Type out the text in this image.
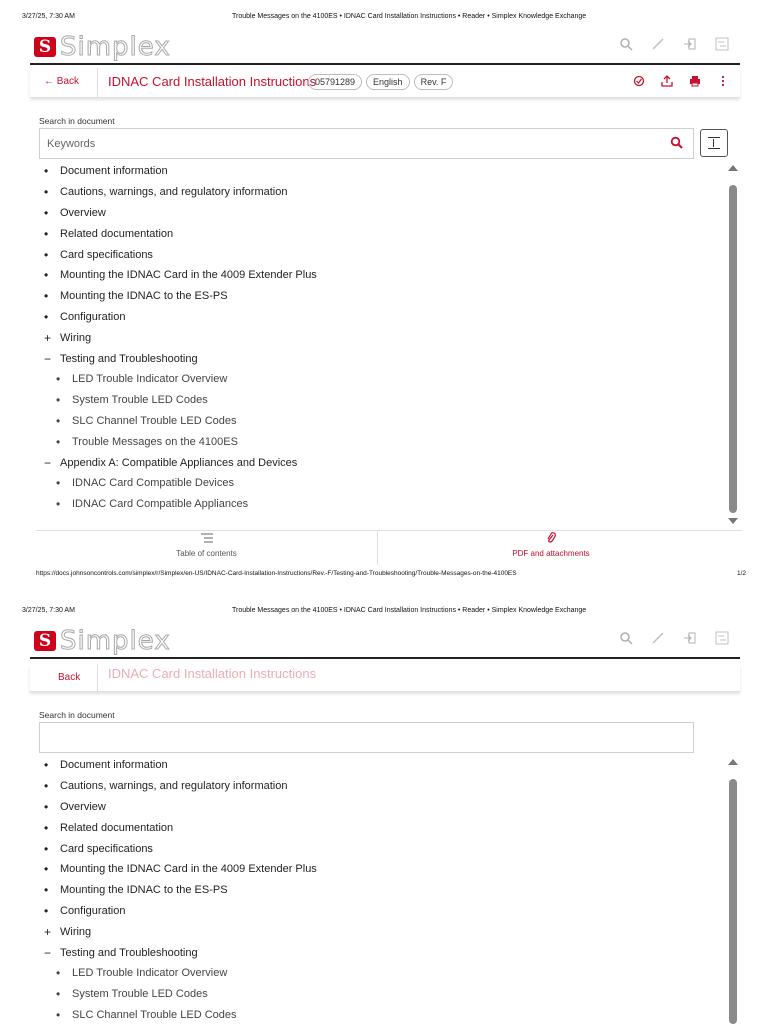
3/27/25, 7:30 AM	Trouble Messages on the 4100ES • IDNAC Card Installation Instructions • Reader • Simplex Knowledge Exchange
S Simplex
← Back IDNAC Card Installation Instructions
05791289	English	Rev. F
Search in document
Keywords
•	Document information
•	Cautions, warnings, and regulatory information
•	Overview
•	Related documentation
•	Card specifications
•	Mounting the IDNAC Card in the 4009 Extender Plus
•	Mounting the IDNAC to the ES-PS
•	Configuration
+ Wiring
− Testing and Troubleshooting
•	LED Trouble Indicator Overview
•	System Trouble LED Codes
•	SLC Channel Trouble LED Codes
•	Trouble Messages on the 4100ES
− Appendix A: Compatible Appliances and Devices
•	IDNAC Card Compatible Devices
•	IDNAC Card Compatible Appliances
Table of contents	PDF and attachments
https://docs.johnsoncontrols.com/simplex/r/Simplex/en-US/IDNAC-Card-Installation-Instructions/Rev.-F/Testing-and-Troubleshooting/Trouble-Messages-on-the-4100ES	1/2
3/27/25, 7:30 AM	Trouble Messages on the 4100ES • IDNAC Card Installation Instructions • Reader • Simplex Knowledge Exchange
S Simplex
Back IDNAC Card Installation Instructions
Search in document
•	Document information
•	Cautions, warnings, and regulatory information
•	Overview
•	Related documentation
•	Card specifications
•	Mounting the IDNAC Card in the 4009 Extender Plus
•	Mounting the IDNAC to the ES-PS
•	Configuration
+ Wiring
− Testing and Troubleshooting
•	LED Trouble Indicator Overview
•	System Trouble LED Codes
•	SLC Channel Trouble LED Codes
